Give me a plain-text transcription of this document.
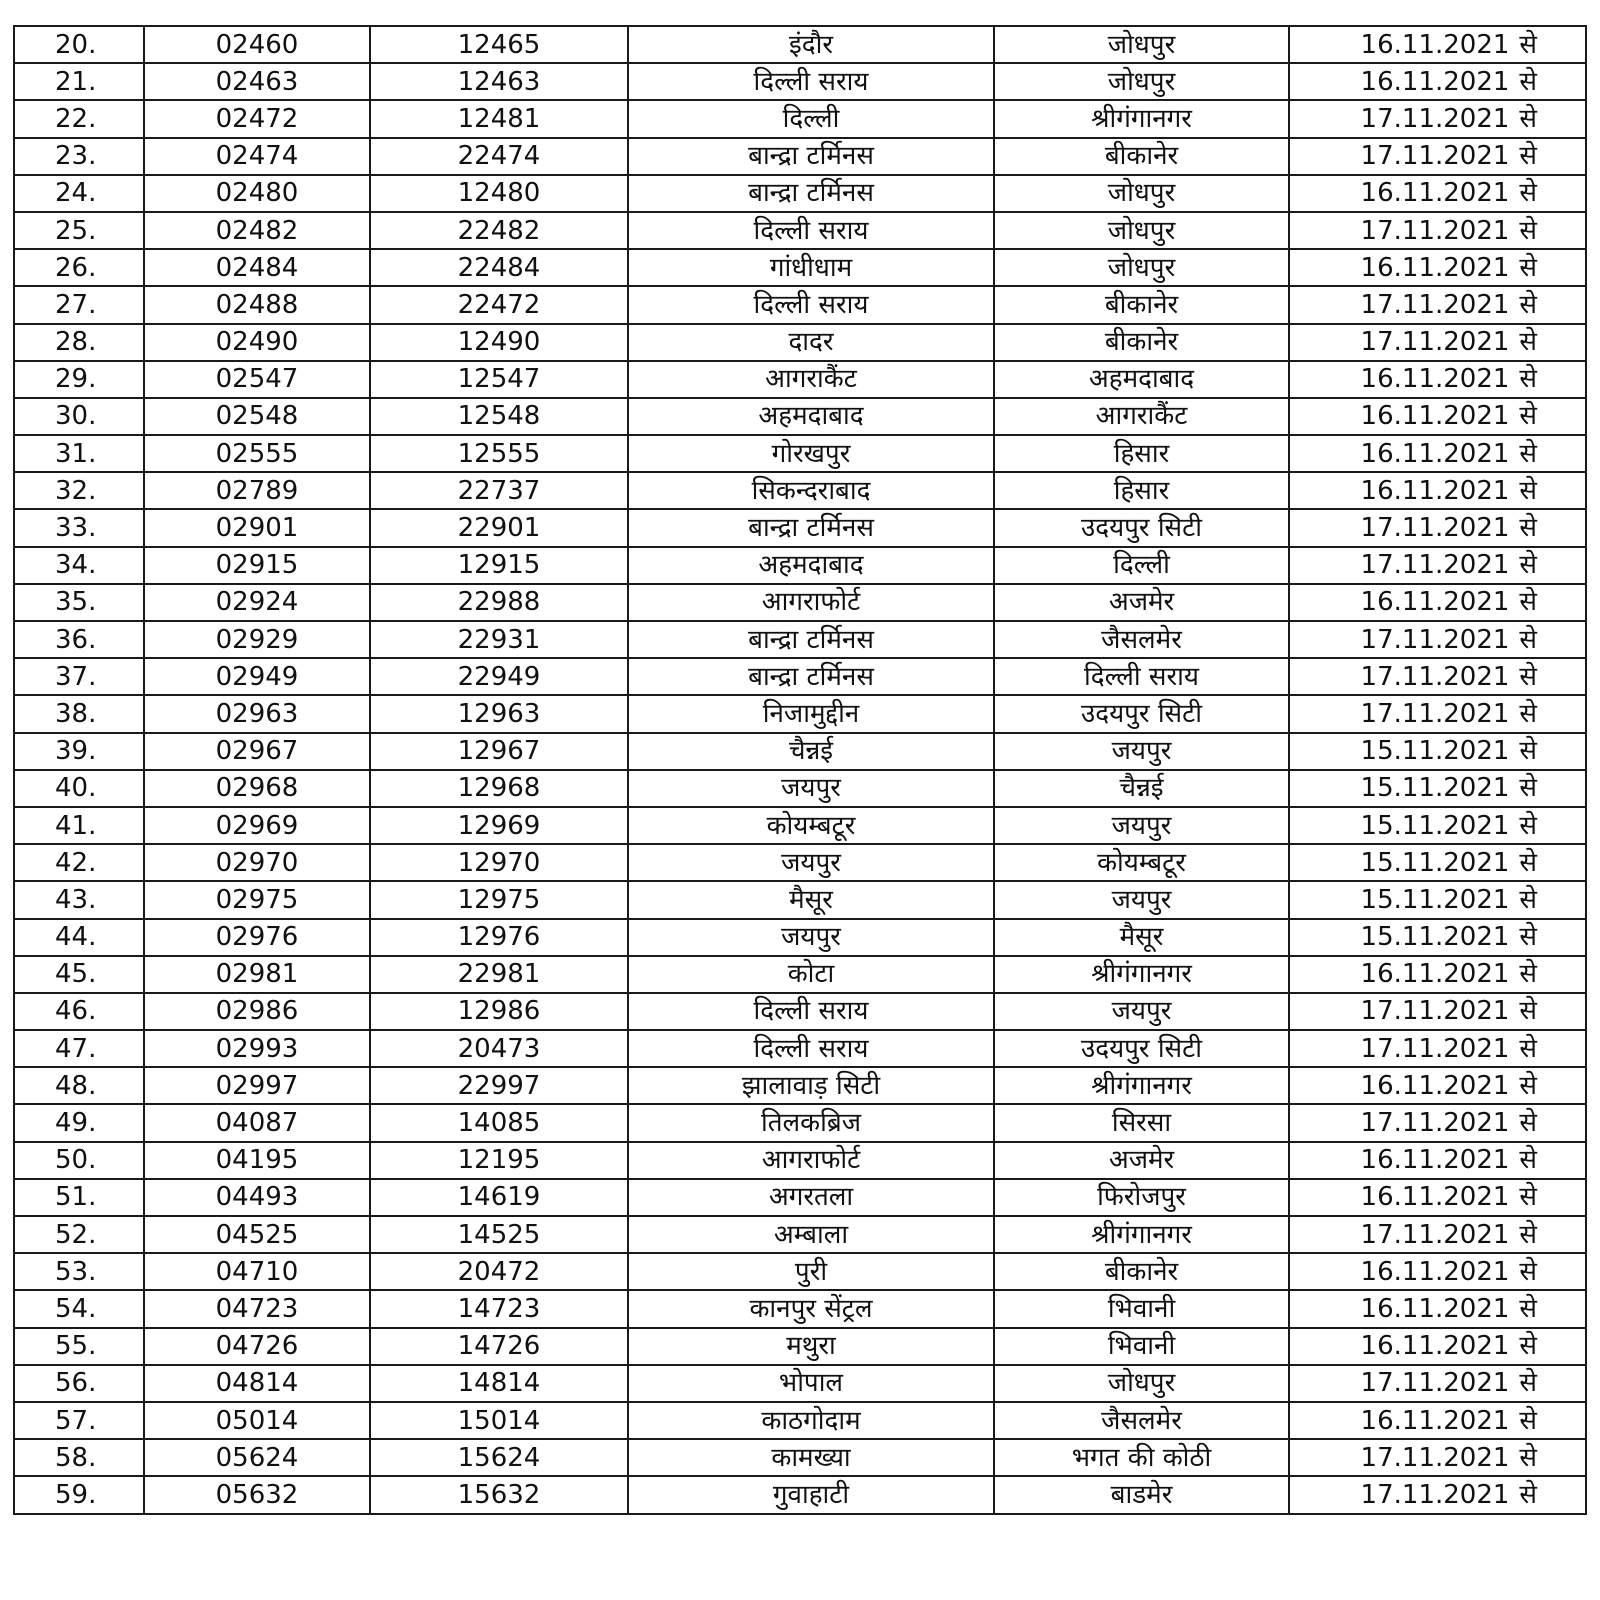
20.	02460	12465	इंदौर	जोधपुर	16.11.2021 से
21.	02463	12463	दिल्ली सराय	जोधपुर	16.11.2021 से
22.	02472	12481	दिल्ली	श्रीगंगानगर	17.11.2021 से
23.	02474	22474	बान्द्रा टर्मिनस	बीकानेर	17.11.2021 से
24.	02480	12480	बान्द्रा टर्मिनस	जोधपुर	16.11.2021 से
25.	02482	22482	दिल्ली सराय	जोधपुर	17.11.2021 से
26.	02484	22484	गांधीधाम	जोधपुर	16.11.2021 से
27.	02488	22472	दिल्ली सराय	बीकानेर	17.11.2021 से
28.	02490	12490	दादर	बीकानेर	17.11.2021 से
29.	02547	12547	आगराकैंट	अहमदाबाद	16.11.2021 से
30.	02548	12548	अहमदाबाद	आगराकैंट	16.11.2021 से
31.	02555	12555	गोरखपुर	हिसार	16.11.2021 से
32.	02789	22737	सिकन्दराबाद	हिसार	16.11.2021 से
33.	02901	22901	बान्द्रा टर्मिनस	उदयपुर सिटी	17.11.2021 से
34.	02915	12915	अहमदाबाद	दिल्ली	17.11.2021 से
35.	02924	22988	आगराफोर्ट	अजमेर	16.11.2021 से
36.	02929	22931	बान्द्रा टर्मिनस	जैसलमेर	17.11.2021 से
37.	02949	22949	बान्द्रा टर्मिनस	दिल्ली सराय	17.11.2021 से
38.	02963	12963	निजामुद्दीन	उदयपुर सिटी	17.11.2021 से
39.	02967	12967	चैन्नई	जयपुर	15.11.2021 से
40.	02968	12968	जयपुर	चैन्नई	15.11.2021 से
41.	02969	12969	कोयम्बटूर	जयपुर	15.11.2021 से
42.	02970	12970	जयपुर	कोयम्बटूर	15.11.2021 से
43.	02975	12975	मैसूर	जयपुर	15.11.2021 से
44.	02976	12976	जयपुर	मैसूर	15.11.2021 से
45.	02981	22981	कोटा	श्रीगंगानगर	16.11.2021 से
46.	02986	12986	दिल्ली सराय	जयपुर	17.11.2021 से
47.	02993	20473	दिल्ली सराय	उदयपुर सिटी	17.11.2021 से
48.	02997	22997	झालावाड़ सिटी	श्रीगंगानगर	16.11.2021 से
49.	04087	14085	तिलकब्रिज	सिरसा	17.11.2021 से
50.	04195	12195	आगराफोर्ट	अजमेर	16.11.2021 से
51.	04493	14619	अगरतला	फिरोजपुर	16.11.2021 से
52.	04525	14525	अम्बाला	श्रीगंगानगर	17.11.2021 से
53.	04710	20472	पुरी	बीकानेर	16.11.2021 से
54.	04723	14723	कानपुर सेंट्रल	भिवानी	16.11.2021 से
55.	04726	14726	मथुरा	भिवानी	16.11.2021 से
56.	04814	14814	भोपाल	जोधपुर	17.11.2021 से
57.	05014	15014	काठगोदाम	जैसलमेर	16.11.2021 से
58.	05624	15624	कामख्या	भगत की कोठी	17.11.2021 से
59.	05632	15632	गुवाहाटी	बाडमेर	17.11.2021 से
